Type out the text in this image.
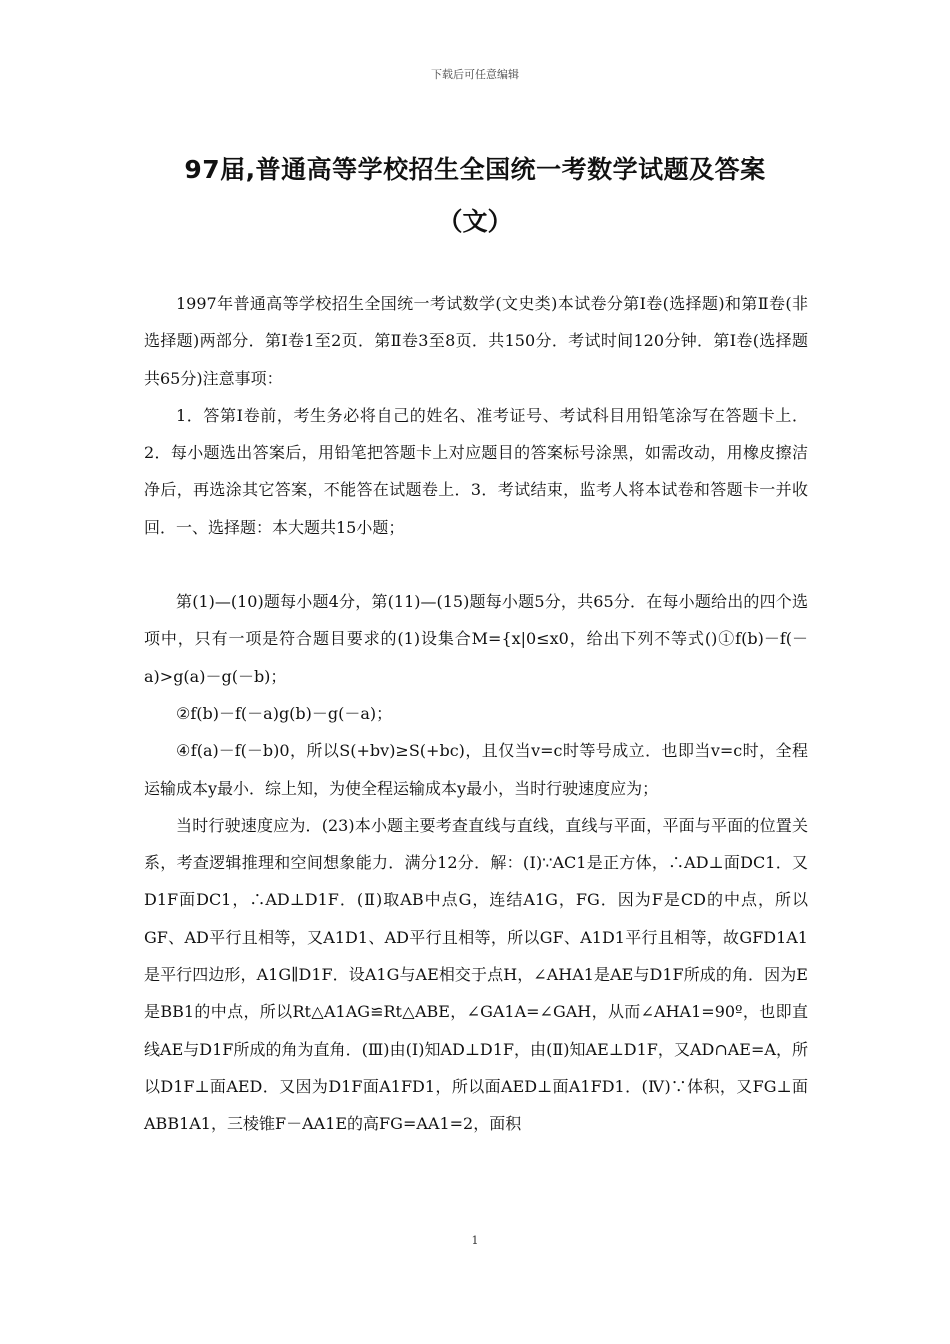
下载后可任意编辑
97届,普通高等学校招生全国统一考数学试题及答案
（文）

1997年普通高等学校招生全国统一考试数学(文史类)本试卷分第Ⅰ卷(选择题)和第Ⅱ卷(非选择题)两部分．第Ⅰ卷1至2页．第Ⅱ卷3至8页．共150分．考试时间120分钟．第Ⅰ卷(选择题共65分)注意事项：

1．答第Ⅰ卷前，考生务必将自己的姓名、准考证号、考试科目用铅笔涂写在答题卡上．2．每小题选出答案后，用铅笔把答题卡上对应题目的答案标号涂黑，如需改动，用橡皮擦洁净后，再选涂其它答案，不能答在试题卷上．3．考试结束，监考人将本试卷和答题卡一并收回．一、选择题：本大题共15小题；

第(1)—(10)题每小题4分，第(11)—(15)题每小题5分，共65分．在每小题给出的四个选项中，只有一项是符合题目要求的(1)设集合M={x|0≤x0，给出下列不等式()①f(b)－f(－a)>g(a)－g(－b)；

②f(b)－f(－a)g(b)－g(－a)；

④f(a)－f(－b)0，所以S(+bv)≥S(+bc)，且仅当v=c时等号成立．也即当v=c时，全程运输成本y最小．综上知，为使全程运输成本y最小，当时行驶速度应为；

当时行驶速度应为．(23)本小题主要考查直线与直线，直线与平面，平面与平面的位置关系，考查逻辑推理和空间想象能力．满分12分．解：(Ⅰ)∵AC1是正方体，∴AD⊥面DC1．又D1F面DC1，∴AD⊥D1F．(Ⅱ)取AB中点G，连结A1G，FG．因为F是CD的中点，所以GF、AD平行且相等，又A1D1、AD平行且相等，所以GF、A1D1平行且相等，故GFD1A1是平行四边形，A1G∥D1F．设A1G与AE相交于点H，∠AHA1是AE与D1F所成的角．因为E是BB1的中点，所以Rt△A1AG≌Rt△ABE，∠GA1A=∠GAH，从而∠AHA1=90º，也即直线AE与D1F所成的角为直角．(Ⅲ)由(Ⅰ)知AD⊥D1F，由(Ⅱ)知AE⊥D1F，又AD∩AE=A，所以D1F⊥面AED．又因为D1F面A1FD1，所以面AED⊥面A1FD1．(Ⅳ)∵体积，又FG⊥面ABB1A1，三棱锥F－AA1E的高FG=AA1=2，面积

1
